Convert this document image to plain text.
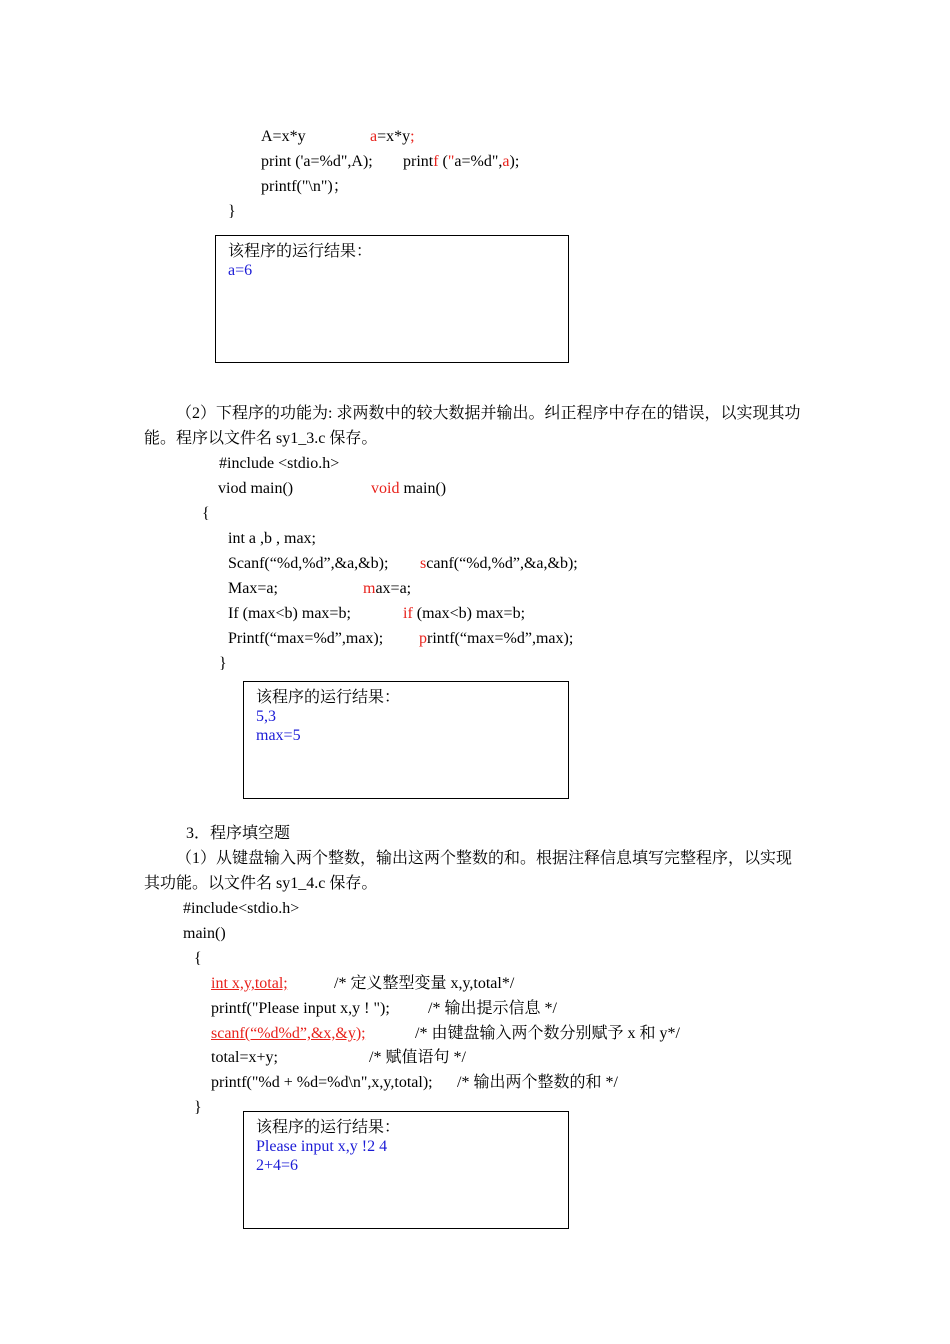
A=x*y	a=x*y;
print ('a=%d",A); printf ("a=%d",a);
printf("\n")；
}
该程序的运行结果：
a=6
（2）下程序的功能为: 求两数中的较大数据并输出。纠正程序中存在的错误，以实现其功
能。程序以文件名 sy1_3.c 保存。
#include <stdio.h>
viod main()	void main()
{
int a ,b , max;
Scanf(“%d,%d”,&a,&b); scanf(“%d,%d”,&a,&b);
Max=a;	max=a;
If (max<b) max=b;	if (max<b) max=b;
Printf(“max=%d”,max); printf(“max=%d”,max);
}
该程序的运行结果：
5,3
max=5
3．程序填空题
（1）从键盘输入两个整数，输出这两个整数的和。根据注释信息填写完整程序，以实现
其功能。以文件名 sy1_4.c 保存。
#include<stdio.h>
main()
{
int x,y,total;	/* 定义整型变量 x,y,total*/
printf("Please input x,y ! "); /* 输出提示信息 */
scanf(“%d%d”,&x,&y);	/* 由键盘输入两个数分别赋予 x 和 y*/
total=x+y;	/* 赋值语句 */
printf("%d + %d=%d\n",x,y,total); /* 输出两个整数的和 */
}
该程序的运行结果：
Please input x,y !2 4
2+4=6
